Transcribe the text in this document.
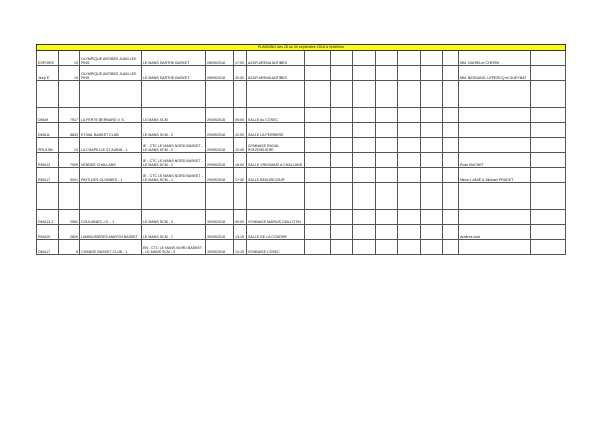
PLANNING des 28 au 30 septembre 2018 à l'extérieur															
ESPOIRS	19	OLYMPIQUE ANTIBES JUAN LES PINS	LE MANS SARTHE BASKET	28/09/2018	17:00	AZUR ARENA ANTIBES								MM. DAHRA et CHERNI	
Jeep E	19	OLYMPIQUE ANTIBES JUAN LES PINS	LE MANS SARTHE BASKET	28/09/2018	20:30	AZUR ARENA ANTIBES								MM. BESSANG, LEPERCQ et GUEYNAT	

DMU9	7917	LA FERTE BERNARD V. S.	LE MANS SCM	29/09/2018	00:00	SALLE du COSEC									
DMU11	8833	ETIVAL BASKET CLUB	LE MANS SCM - 2	29/09/2018	12:00	SALLE LA FERRIERE									
PRU13M	13	LA CHAPELLE ST AUBIN - 1	IE - CTC LE MANS NORD BASKET - LE MANS SCM - 2	29/09/2018	12:45	GYMNASE RAOUL ROUSSELIERE									
RMU13	7909	VENDEE CHALLANS	IE - CTC LE MANS NORD BASKET - LE MANS SCM - 1	29/09/2018	16:00	SALLE VRIGNAUD A CHALLANS								Evan BUCHET	
RMU17	3001	PAYS DES OLONNES - 1	IE - CTC LE MANS NORD BASKET - LE MANS SCM - 1	29/09/2018	17:30	SALLE BEAUSEJOUR								Ninon LAMIE & Mickael PRADET	

DMU13-2	2962	COULAINES J.S. - 1	LE MANS SCM - 3	30/09/2018	09:00	GYMNASE MARIUS GUILLOTIN									
RMU20	2805	LAMBOISIERES-MARTIN BASKET	LE MANS SCM - 1	30/09/2018	13:15	SALLE DE LA COUDRE								Arbitres club	
DMU17	8	CHANGE BASKET CLUB - 1	EN - CTC LE MANS NORD BASKET - LE MANS SCM - 3	30/09/2018	13:15	GYMNASE COSEC									
